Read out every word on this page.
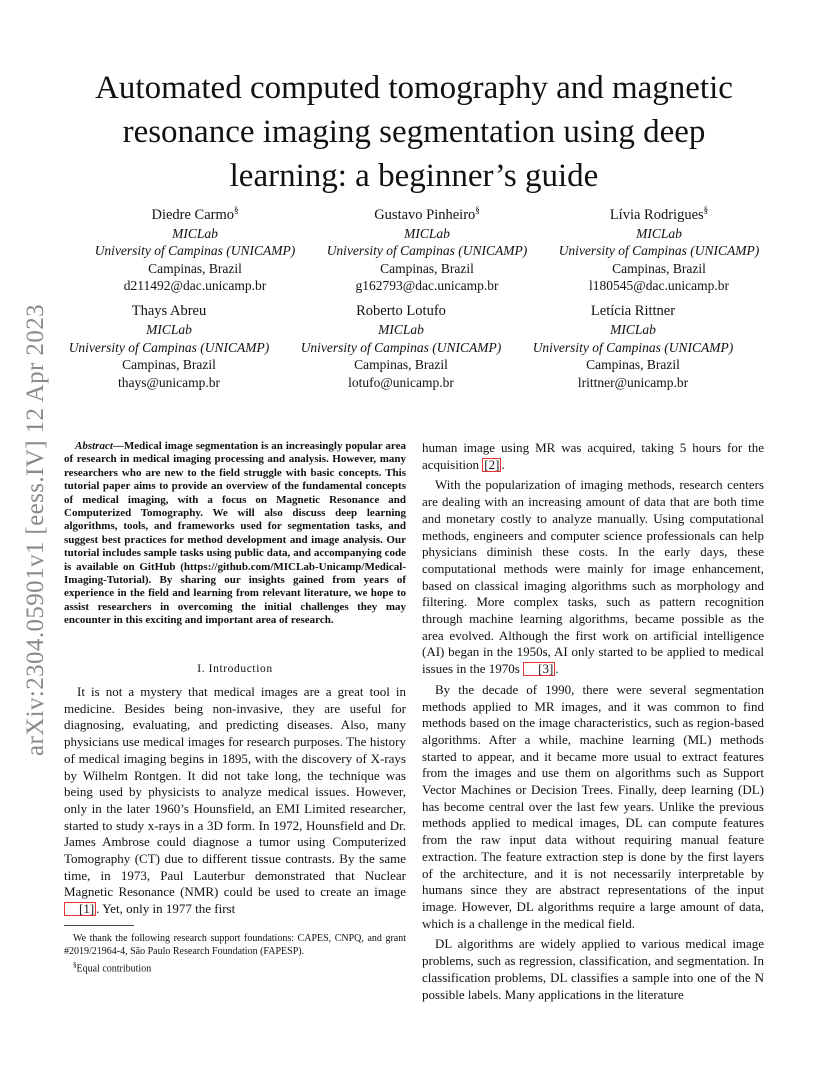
arXiv:2304.05901v1 [eess.IV] 12 Apr 2023
Automated computed tomography and magnetic resonance imaging segmentation using deep learning: a beginner’s guide
Diedre Carmo§
MICLab
University of Campinas (UNICAMP)
Campinas, Brazil
d211492@dac.unicamp.br
Gustavo Pinheiro§
MICLab
University of Campinas (UNICAMP)
Campinas, Brazil
g162793@dac.unicamp.br
Lívia Rodrigues§
MICLab
University of Campinas (UNICAMP)
Campinas, Brazil
l180545@dac.unicamp.br
Thays Abreu
MICLab
University of Campinas (UNICAMP)
Campinas, Brazil
thays@unicamp.br
Roberto Lotufo
MICLab
University of Campinas (UNICAMP)
Campinas, Brazil
lotufo@unicamp.br
Letícia Rittner
MICLab
University of Campinas (UNICAMP)
Campinas, Brazil
lrittner@unicamp.br
Abstract—Medical image segmentation is an increasingly popular area of research in medical imaging processing and analysis. However, many researchers who are new to the field struggle with basic concepts. This tutorial paper aims to provide an overview of the fundamental concepts of medical imaging, with a focus on Magnetic Resonance and Computerized Tomography. We will also discuss deep learning algorithms, tools, and frameworks used for segmentation tasks, and suggest best practices for method development and image analysis. Our tutorial includes sample tasks using public data, and accompanying code is available on GitHub (https://github.com/MICLab-Unicamp/Medical-Imaging-Tutorial). By sharing our insights gained from years of experience in the field and learning from relevant literature, we hope to assist researchers in overcoming the initial challenges they may encounter in this exciting and important area of research.
I. Introduction

It is not a mystery that medical images are a great tool in medicine. Besides being non-invasive, they are useful for diagnosing, evaluating, and predicting diseases. Also, many physicians use medical images for research purposes. The history of medical imaging begins in 1895, with the discovery of X-rays by Wilhelm Rontgen. It did not take long, the technique was being used by physicists to analyze medical issues. However, only in the later 1960’s Hounsfield, an EMI Limited researcher, started to study x-rays in a 3D form. In 1972, Hounsfield and Dr. James Ambrose could diagnose a tumor using Computerized Tomography (CT) due to different tissue contrasts. By the same time, in 1973, Paul Lauterbur demonstrated that Nuclear Magnetic Resonance (NMR) could be used to create an image [1] . Yet, only in 1977 the first

human image using MR was acquired, taking 5 hours for the acquisition [2] .

With the popularization of imaging methods, research centers are dealing with an increasing amount of data that are both time and monetary costly to analyze manually. Using computational methods, engineers and computer science professionals can help physicians diminish these costs. In the early days, these computational methods were mainly for image enhancement, based on classical imaging algorithms such as morphology and filtering. More complex tasks, such as pattern recognition through machine learning algorithms, became possible as the area evolved. Although the first work on artificial intelligence (AI) began in the 1950s, AI only started to be applied to medical issues in the 1970s [3] .

By the decade of 1990, there were several segmentation methods applied to MR images, and it was common to find methods based on the image characteristics, such as region-based algorithms. After a while, machine learning (ML) methods started to appear, and it became more usual to extract features from the images and use them on algorithms such as Support Vector Machines or Decision Trees. Finally, deep learning (DL) has become central over the last few years. Unlike the previous methods applied to medical images, DL can compute features from the raw input data without requiring manual feature extraction. The feature extraction step is done by the first layers of the architecture, and it is not necessarily interpretable by humans since they are abstract representations of the input image. However, DL algorithms require a large amount of data, which is a challenge in the medical field.

DL algorithms are widely applied to various medical image problems, such as regression, classification, and segmentation. In classification problems, DL classifies a sample into one of the N possible labels. Many applications in the literature

We thank the following research support foundations: CAPES, CNPQ, and grant #2019/21964-4, São Paulo Research Foundation (FAPESP).

§Equal contribution
